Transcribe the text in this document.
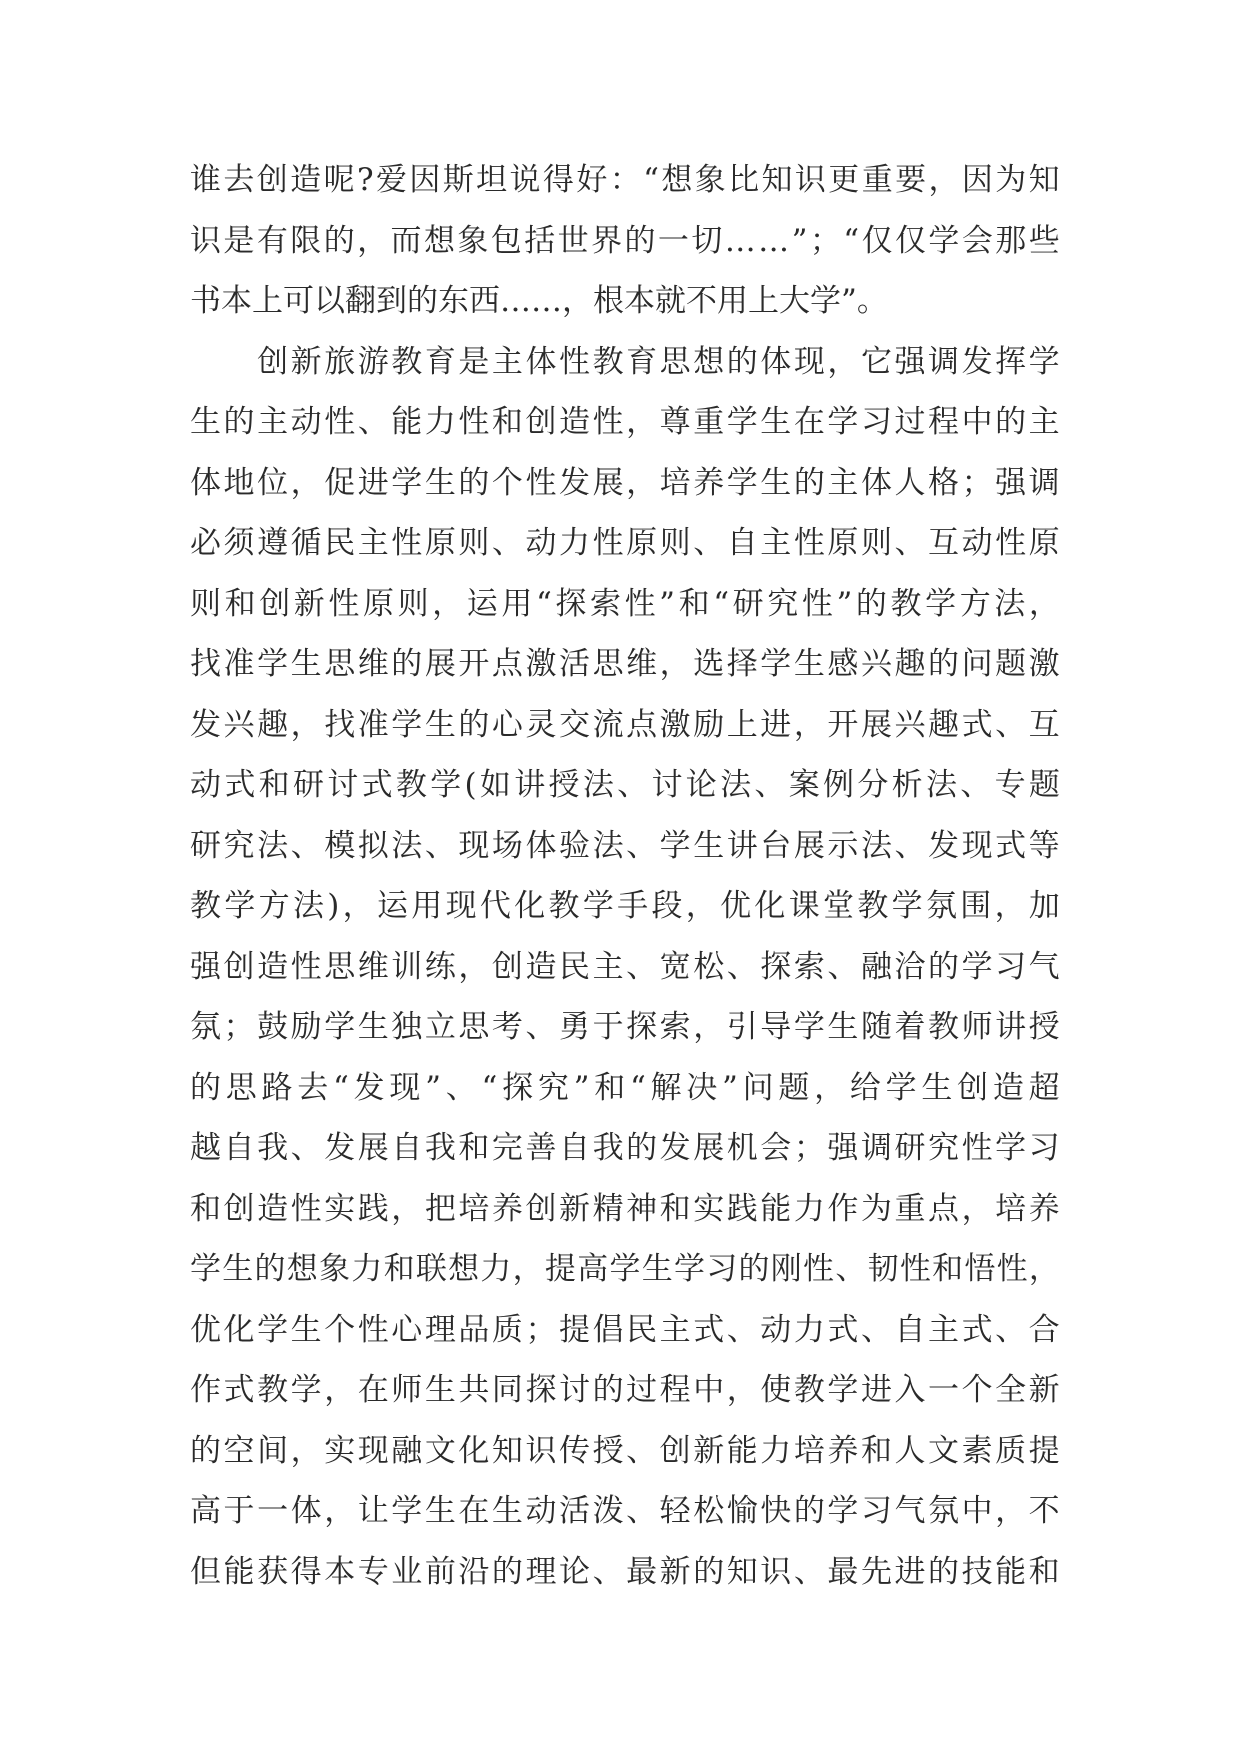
谁 去 创 造 呢 ? 爱 因 斯 坦 说 得 好 ： “ 想 象 比 知 识 更 重 要 ， 因 为 知
识 是 有 限 的 ， 而 想 象 包 括 世 界 的 一 切 … … ” ； “ 仅 仅 学 会 那 些
书 本 上 可 以 翻 到 的 东 西 … … ， 根 本 就 不 用 上 大 学 ” 。

创 新 旅 游 教 育 是 主 体 性 教 育 思 想 的 体 现 ， 它 强 调 发 挥 学
生 的 主 动 性 、 能 力 性 和 创 造 性 ， 尊 重 学 生 在 学 习 过 程 中 的 主
体 地 位 ， 促 进 学 生 的 个 性 发 展 ， 培 养 学 生 的 主 体 人 格 ； 强 调
必 须 遵 循 民 主 性 原 则 、 动 力 性 原 则 、 自 主 性 原 则 、 互 动 性 原
则 和 创 新 性 原 则 ， 运 用 “ 探 索 性 ” 和 “ 研 究 性 ” 的 教 学 方 法 ，
找 准 学 生 思 维 的 展 开 点 激 活 思 维 ， 选 择 学 生 感 兴 趣 的 问 题 激
发 兴 趣 ， 找 准 学 生 的 心 灵 交 流 点 激 励 上 进 ， 开 展 兴 趣 式 、 互
动 式 和 研 讨 式 教 学 ( 如 讲 授 法 、 讨 论 法 、 案 例 分 析 法 、 专 题
研 究 法 、 模 拟 法 、 现 场 体 验 法 、 学 生 讲 台 展 示 法 、 发 现 式 等
教 学 方 法 ) ， 运 用 现 代 化 教 学 手 段 ， 优 化 课 堂 教 学 氛 围 ， 加
强 创 造 性 思 维 训 练 ， 创 造 民 主 、 宽 松 、 探 索 、 融 洽 的 学 习 气
氛 ； 鼓 励 学 生 独 立 思 考 、 勇 于 探 索 ， 引 导 学 生 随 着 教 师 讲 授
的 思 路 去 “ 发 现 ” 、 “ 探 究 ” 和 “ 解 决 ” 问 题 ， 给 学 生 创 造 超
越 自 我 、 发 展 自 我 和 完 善 自 我 的 发 展 机 会 ； 强 调 研 究 性 学 习
和 创 造 性 实 践 ， 把 培 养 创 新 精 神 和 实 践 能 力 作 为 重 点 ， 培 养
学 生 的 想 象 力 和 联 想 力 ， 提 高 学 生 学 习 的 刚 性 、 韧 性 和 悟 性 ，
优 化 学 生 个 性 心 理 品 质 ； 提 倡 民 主 式 、 动 力 式 、 自 主 式 、 合
作 式 教 学 ， 在 师 生 共 同 探 讨 的 过 程 中 ， 使 教 学 进 入 一 个 全 新
的 空 间 ， 实 现 融 文 化 知 识 传 授 、 创 新 能 力 培 养 和 人 文 素 质 提
高 于 一 体 ， 让 学 生 在 生 动 活 泼 、 轻 松 愉 快 的 学 习 气 氛 中 ， 不
但 能 获 得 本 专 业 前 沿 的 理 论 、 最 新 的 知 识 、 最 先 进 的 技 能 和
